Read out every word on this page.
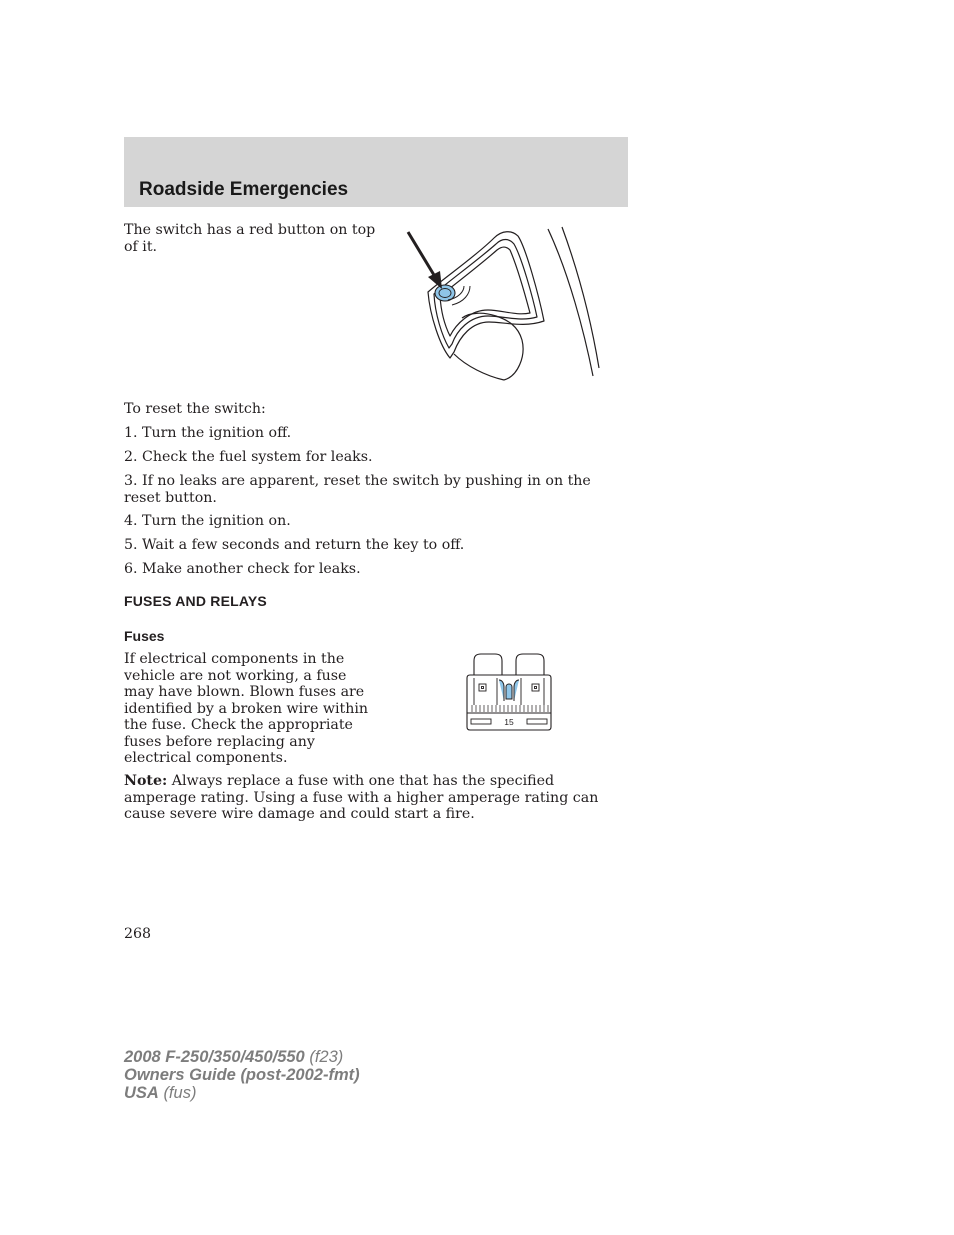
Roadside Emergencies

The switch has a red button on top of it.

To reset the switch:

1. Turn the ignition off.

2. Check the fuel system for leaks.

3. If no leaks are apparent, reset the switch by pushing in on the reset button.

4. Turn the ignition on.

5. Wait a few seconds and return the key to off.

6. Make another check for leaks.

FUSES AND RELAYS
Fuses

If electrical components in the vehicle are not working, a fuse may have blown. Blown fuses are identified by a broken wire within the fuse. Check the appropriate fuses before replacing any electrical components.

15

Note: Always replace a fuse with one that has the specified amperage rating. Using a fuse with a higher amperage rating can cause severe wire damage and could start a fire.

268

2008 F-250/350/450/550 (f23)
Owners Guide (post-2002-fmt)
USA (fus)
